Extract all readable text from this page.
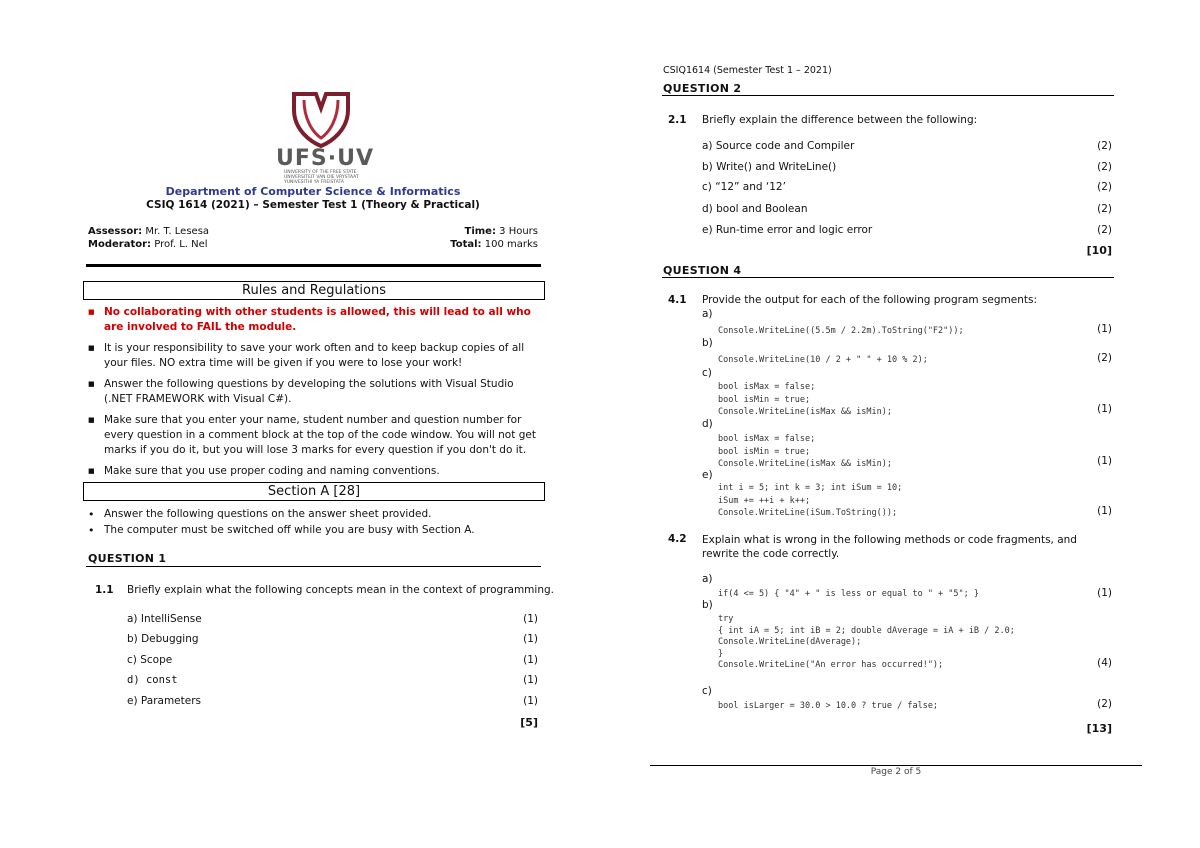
UFS·UV
UNIVERSITY OF THE FREE STATE
UNIVERSITEIT VAN DIE VRYSTAAT
YUNIVESITHI YA FREISTATA
Department of Computer Science & Informatics
CSIQ 1614 (2021) – Semester Test 1 (Theory & Practical)
Assessor: Mr. T. Lesesa
Moderator: Prof. L. Nel
Time: 3 Hours
Total: 100 marks
Rules and Regulations
■ No collaborating with other students is allowed, this will lead to all who are involved to FAIL the module.
■ It is your responsibility to save your work often and to keep backup copies of all your files. NO extra time will be given if you were to lose your work!
■ Answer the following questions by developing the solutions with Visual Studio (.NET FRAMEWORK with Visual C#).
■ Make sure that you enter your name, student number and question number for every question in a comment block at the top of the code window. You will not get marks if you do it, but you will lose 3 marks for every question if you don't do it.
■ Make sure that you use proper coding and naming conventions.
Section A [28]
• Answer the following questions on the answer sheet provided.
• The computer must be switched off while you are busy with Section A.
QUESTION 1
1.1 Briefly explain what the following concepts mean in the context of programming.
a) IntelliSense	(1)
b) Debugging	(1)
c) Scope	(1)
d) const	(1)
e) Parameters	(1)
[5]
CSIQ1614 (Semester Test 1 – 2021)
QUESTION 2
2.1 Briefly explain the difference between the following:
a) Source code and Compiler	(2)
b) Write() and WriteLine()	(2)
c) “12” and ‘12’	(2)
d) bool and Boolean	(2)
e) Run-time error and logic error	(2)
[10]
QUESTION 4
4.1 Provide the output for each of the following program segments:
a)
Console.WriteLine((5.5m / 2.2m).ToString("F2"));	(1)
b)
Console.WriteLine(10 / 2 + " " + 10 % 2);	(2)
c)
bool isMax = false;
bool isMin = true;
Console.WriteLine(isMax && isMin);	(1)
d)
bool isMax = false;
bool isMin = true;
Console.WriteLine(isMax && isMin);	(1)
e)
int i = 5; int k = 3; int iSum = 10;
iSum += ++i + k++;
Console.WriteLine(iSum.ToString());	(1)
4.2 Explain what is wrong in the following methods or code fragments, and rewrite the code correctly.
a)
if(4 <= 5) { "4" + " is less or equal to " + "5"; }	(1)
b)
try
{ int iA = 5; int iB = 2; double dAverage = iA + iB / 2.0;
Console.WriteLine(dAverage);
}
Console.WriteLine("An error has occurred!");	(4)
c)
bool isLarger = 30.0 > 10.0 ? true / false;	(2)
[13]
Page 2 of 5
